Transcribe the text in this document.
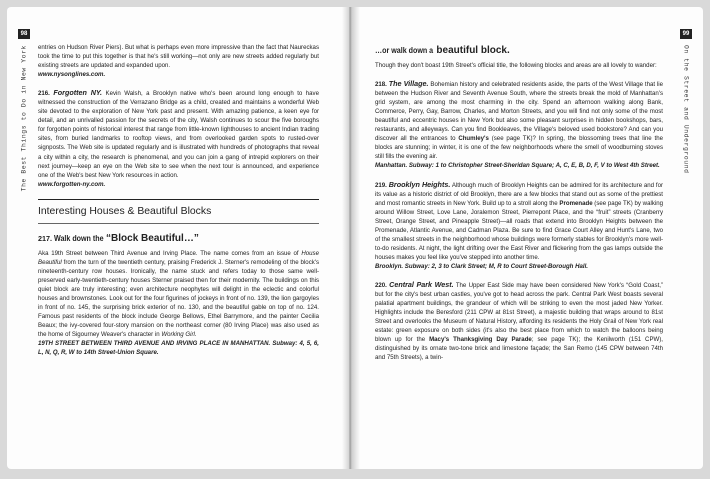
98
The Best Things to Do in New York entries on Hudson River Piers). But what is perhaps even more impressive than the fact that Naureckas took the time to put this together is that he's still working—not only are new streets added regularly but existing streets are updated and expanded upon.

www.nysonglines.com.

216. Forgotten NY. Kevin Walsh, a Brooklyn native who's been around long enough to have witnessed the construction of the Verrazano Bridge as a child, created and maintains a wonderful Web site devoted to the exploration of New York past and present. With amazing patience, a keen eye for detail, and an unrivalled passion for the secrets of the city, Walsh continues to scour the five boroughs for forgotten points of historical interest that range from little-known lighthouses to ancient Indian trading sites, from buried landmarks to rooftop views, and from overlooked garden spots to rusted-over signposts. The Web site is updated regularly and is illustrated with hundreds of photographs that reveal a city within a city, the research is phenomenal, and you can join a gang of intrepid explorers on their next journey—keep an eye on the Web site to see when the next tour is announced, and experience one of the Web's best New York resources in action.

www.forgotten-ny.com.

Interesting Houses & Beautiful Blocks
217. Walk down the “Block Beautiful…”

Aka 19th Street between Third Avenue and Irving Place. The name comes from an issue of House Beautiful from the turn of the twentieth century, praising Frederick J. Sterner's remodeling of the block's nineteenth-century row houses. Ironically, the name stuck and refers today to those same well-preserved early-twentieth-century houses Sterner praised then for their modernity. The buildings on this quiet block are truly interesting; even architecture neophytes will delight in the eclectic and colorful houses and brownstones. Look out for the four figurines of jockeys in front of no. 139, the lion gargoyles in front of no. 145, the surprising brick exterior of no. 130, and the beautiful gable on top of no. 124. Famous past residents of the block include George Bellows, Ethel Barrymore, and the painter Cecilia Beaux; the ivy-covered four-story mansion on the northeast corner (80 Irving Place) was also used as the home of Sigourney Weaver's character in Working Girl.

19TH STREET BETWEEN THIRD AVENUE AND IRVING PLACE IN MANHATTAN. Subway: 4, 5, 6, L, N, Q, R, W to 14th Street-Union Square.

99
On the Street and Underground
…or walk down a beautiful block.

Though they don't boast 19th Street's official title, the following blocks and areas are all lovely to wander:

218. The Village. Bohemian history and celebrated residents aside, the parts of the West Village that lie between the Hudson River and Seventh Avenue South, where the streets break the mold of Manhattan's grid system, are among the most charming in the city. Spend an afternoon walking along Bank, Commerce, Perry, Gay, Barrow, Charles, and Morton Streets, and you will find not only some of the most beautiful and eccentric houses in New York but also some pleasant surprises in hidden bookshops, bars, restaurants, and alleyways. Can you find Bookleaves, the Village's beloved used bookstore? And can you discover all the entrances to Chumley's (see page TK)? In spring, the blossoming trees that line the blocks are stunning; in winter, it is one of the few neighborhoods where the smell of woodburning stoves still fills the evening air.

Manhattan. Subway: 1 to Christopher Street-Sheridan Square; A, C, E, B, D, F, V to West 4th Street.

219. Brooklyn Heights. Although much of Brooklyn Heights can be admired for its architecture and for its value as a historic district of old Brooklyn, there are a few blocks that stand out as some of the prettiest and most romantic streets in New York. Build up to a stroll along the Promenade (see page TK) by walking around Willow Street, Love Lane, Joralemon Street, Pierrepont Place, and the “fruit” streets (Cranberry Street, Orange Street, and Pineapple Street)—all roads that extend into Brooklyn Heights between the Promenade, Atlantic Avenue, and Cadman Plaza. Be sure to find Grace Court Alley and Hunt's Lane, two of the smallest streets in the neighborhood whose buildings were formerly stables for Brooklyn's more well-to-do residents. At night, the light drifting over the East River and flickering from the gas lamps outside the houses makes you feel like you've stepped into another time.

Brooklyn. Subway: 2, 3 to Clark Street; M, R to Court Street-Borough Hall.

220. Central Park West. The Upper East Side may have been considered New York's “Gold Coast,” but for the city's best urban castles, you've got to head across the park. Central Park West boasts several palatial apartment buildings, the grandeur of which will be striking to even the most jaded New Yorker. Highlights include the Beresford (211 CPW at 81st Street), a majestic building that wraps around to 81st Street and overlooks the Museum of Natural History, affording its residents the Holy Grail of New York real estate: green exposure on both sides (it's also the best place from which to watch the balloons being blown up for the Macy's Thanksgiving Day Parade; see page TK); the Kenilworth (151 CPW), distinguished by its ornate two-tone brick and limestone façade; the San Remo (145 CPW between 74th and 75th Streets), a twin-
